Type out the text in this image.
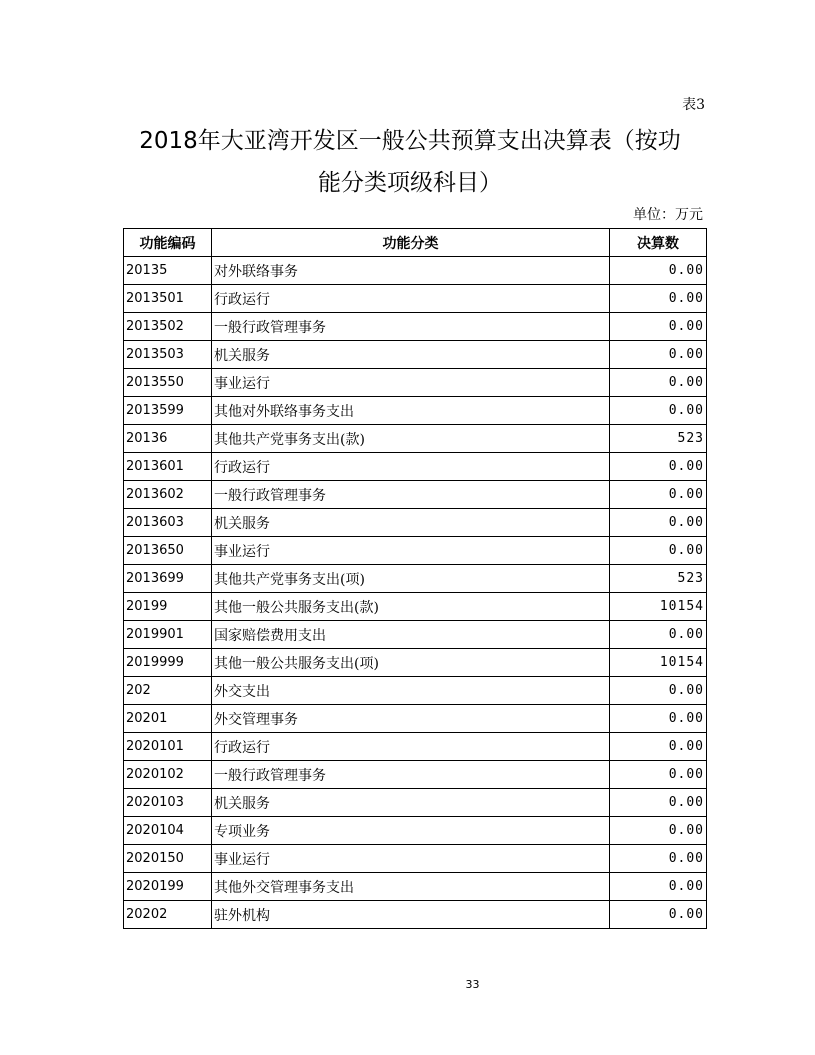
表3
2018年大亚湾开发区一般公共预算支出决算表（按功
能分类项级科目）
单位：万元
功能编码	功能分类	决算数
20135	对外联络事务	0.00
2013501	行政运行	0.00
2013502	一般行政管理事务	0.00
2013503	机关服务	0.00
2013550	事业运行	0.00
2013599	其他对外联络事务支出	0.00
20136	其他共产党事务支出(款)	523
2013601	行政运行	0.00
2013602	一般行政管理事务	0.00
2013603	机关服务	0.00
2013650	事业运行	0.00
2013699	其他共产党事务支出(项)	523
20199	其他一般公共服务支出(款)	10154
2019901	国家赔偿费用支出	0.00
2019999	其他一般公共服务支出(项)	10154
202	外交支出	0.00
20201	外交管理事务	0.00
2020101	行政运行	0.00
2020102	一般行政管理事务	0.00
2020103	机关服务	0.00
2020104	专项业务	0.00
2020150	事业运行	0.00
2020199	其他外交管理事务支出	0.00
20202	驻外机构	0.00
33
